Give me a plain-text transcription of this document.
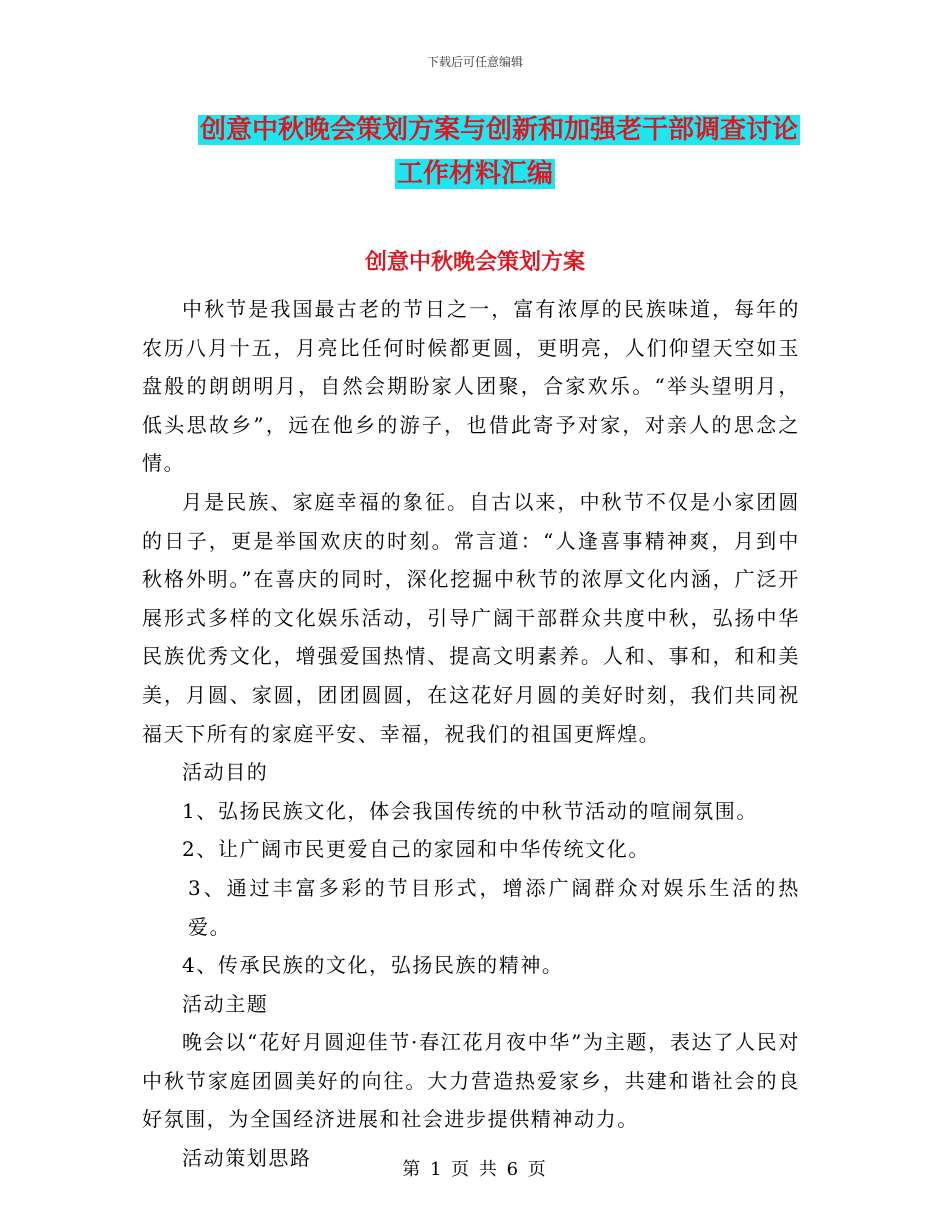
下载后可任意编辑
创意中秋晚会策划方案与创新和加强老干部调查讨论
工作材料汇编
创意中秋晚会策划方案

中秋节是我国最古老的节日之一，富有浓厚的民族味道，每年的农历八月十五，月亮比任何时候都更圆，更明亮，人们仰望天空如玉盘般的朗朗明月，自然会期盼家人团聚，合家欢乐。“举头望明月，低头思故乡”，远在他乡的游子，也借此寄予对家，对亲人的思念之情。

月是民族、家庭幸福的象征。自古以来，中秋节不仅是小家团圆的日子，更是举国欢庆的时刻。常言道：“人逢喜事精神爽，月到中秋格外明。”在喜庆的同时，深化挖掘中秋节的浓厚文化内涵，广泛开展形式多样的文化娱乐活动，引导广阔干部群众共度中秋，弘扬中华民族优秀文化，增强爱国热情、提高文明素养。人和、事和，和和美美，月圆、家圆，团团圆圆，在这花好月圆的美好时刻，我们共同祝福天下所有的家庭平安、幸福，祝我们的祖国更辉煌。

活动目的

1、弘扬民族文化，体会我国传统的中秋节活动的喧闹氛围。

2、让广阔市民更爱自己的家园和中华传统文化。

3、通过丰富多彩的节目形式，增添广阔群众对娱乐生活的热爱。

4、传承民族的文化，弘扬民族的精神。

活动主题

晚会以“花好月圆迎佳节·春江花月夜中华”为主题，表达了人民对中秋节家庭团圆美好的向往。大力营造热爱家乡，共建和谐社会的良好氛围，为全国经济进展和社会进步提供精神动力。

活动策划思路	第 1 页 共 6 页
